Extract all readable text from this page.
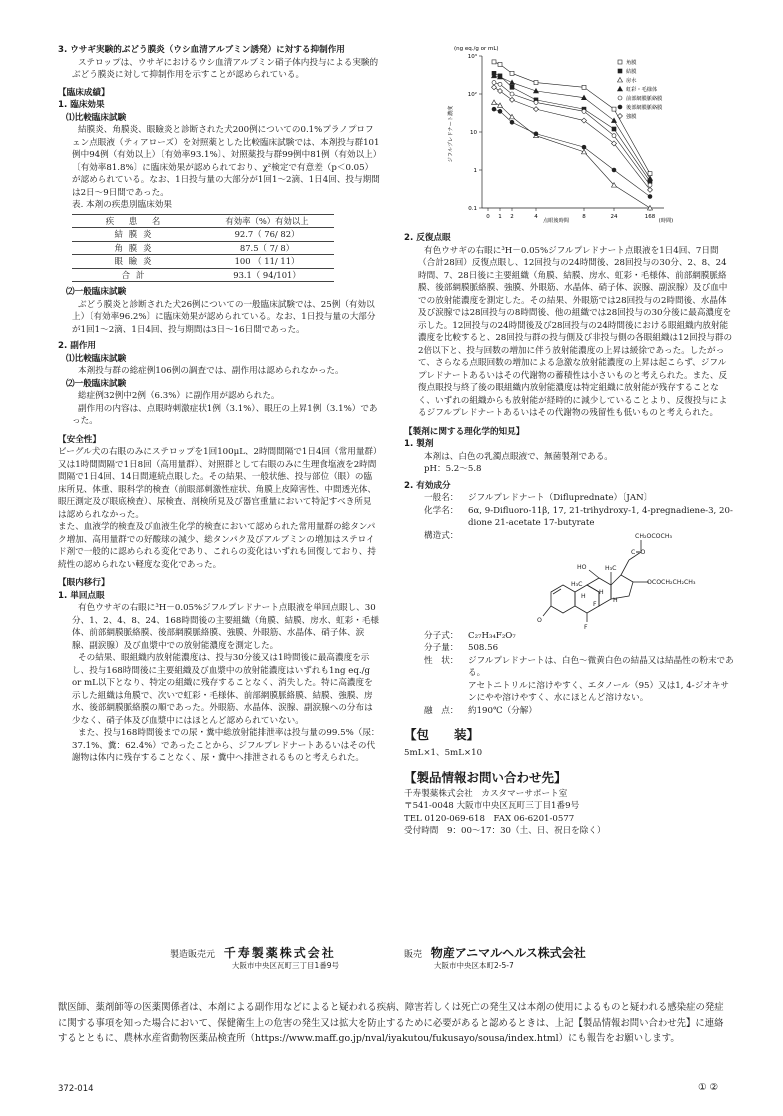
3. ウサギ実験的ぶどう膜炎（ウシ血清アルブミン誘発）に対する抑制作用

ステロップは、ウサギにおけるウシ血清アルブミン硝子体内投与による実験的ぶどう膜炎に対して抑制作用を示すことが認められている。

【臨床成績】

1. 臨床効果

⑴比較臨床試験

結膜炎、角膜炎、眼瞼炎と診断された犬200例についての0.1%プラノプロフェン点眼液（ティアローズ）を対照薬とした比較臨床試験では、本剤投与群101例中94例（有効以上）〔有効率93.1%〕、対照薬投与群99例中81例（有効以上）〔有効率81.8%〕に臨床効果が認められており、χ²検定で有意差（p＜0.05）が認められている。なお、1日投与量の大部分が1回1～2滴、1日4回、投与期間は2日～9日間であった。

表. 本剤の疾患別臨床効果

疾 患 名	有効率（%）有効以上
結膜炎	92.7（ 76/ 82）
角膜炎	87.5（ 7/ 8）
眼瞼炎	100 （ 11/ 11）
合計	93.1（ 94/101）

⑵一般臨床試験

ぶどう膜炎と診断された犬26例についての一般臨床試験では、25例（有効以上）〔有効率96.2%〕に臨床効果が認められている。なお、1日投与量の大部分が1回1～2滴、1日4回、投与期間は3日～16日間であった。

2. 副作用

⑴比較臨床試験

本剤投与群の総症例106例の調査では、副作用は認められなかった。

⑵一般臨床試験

総症例32例中2例（6.3%）に副作用が認められた。

副作用の内容は、点眼時刺激症状1例（3.1%）、眼圧の上昇1例（3.1%）であった。

【安全性】

ビーグル犬の右眼のみにステロップを1回100μL、2時間間隔で1日4回（常用量群）又は1時間間隔で1日8回（高用量群）、対照群として右眼のみに生理食塩液を2時間間隔で1日4回、14日間連続点眼した。その結果、一般状態、投与部位（眼）の臨床所見、体重、眼科学的検査（前眼部刺激性症状、角膜上皮障害性、中間透光体、眼圧測定及び眼底検査）、尿検査、剖検所見及び器官重量において特記すべき所見は認められなかった。

また、血液学的検査及び血液生化学的検査において認められた常用量群の総タンパク増加、高用量群での好酸球の減少、総タンパク及びアルブミンの増加はステロイド剤で一般的に認められる変化であり、これらの変化はいずれも回復しており、持続性の認められない軽度な変化であった。

【眼内移行】

1. 単回点眼

有色ウサギの右眼に³H－0.05%ジフルプレドナート点眼液を単回点眼し、30分、1、2、4、8、24、168時間後の主要組織（角膜、結膜、房水、虹彩・毛様体、前部網膜脈絡膜、後部網膜脈絡膜、強膜、外眼筋、水晶体、硝子体、涙腺、副涙腺）及び血漿中での放射能濃度を測定した。

その結果、眼組織内放射能濃度は、投与30分後又は1時間後に最高濃度を示し、投与168時間後に主要組織及び血漿中の放射能濃度はいずれも1ng eq./g or mL以下となり、特定の組織に残存することなく、消失した。特に高濃度を示した組織は角膜で、次いで虹彩・毛様体、前部網膜脈絡膜、結膜、強膜、房水、後部網膜脈絡膜の順であった。外眼筋、水晶体、涙腺、副涙腺への分布は少なく、硝子体及び血漿中にはほとんど認められていない。

また、投与168時間後までの尿・糞中総放射能排泄率は投与量の99.5%（尿：37.1%、糞：62.4%）であったことから、ジフルプレドナートあるいはその代謝物は体内に残存することなく、尿・糞中へ排泄されるものと考えられた。

(ng eq./g or mL)
ジフルプレドナート濃度
0.1
1
10
10²
10³
0 1 2	4	8	24	168
点眼後時間	(時間)
角膜
結膜
房水
虹彩・毛様体
前部網膜脈絡膜
後部網膜脈絡膜
強膜

2. 反復点眼

有色ウサギの右眼に³H－0.05%ジフルプレドナート点眼液を1日4回、7日間（合計28回）反復点眼し、12回投与の24時間後、28回投与の30分、2、8、24時間、7、28日後に主要組織（角膜、結膜、房水、虹彩・毛様体、前部網膜脈絡膜、後部網膜脈絡膜、強膜、外眼筋、水晶体、硝子体、涙腺、副涙腺）及び血中での放射能濃度を測定した。その結果、外眼筋では28回投与の2時間後、水晶体及び涙腺では28回投与の8時間後、他の組織では28回投与の30分後に最高濃度を示した。12回投与の24時間後及び28回投与の24時間後における眼組織内放射能濃度を比較すると、28回投与群の投与側及び非投与側の各眼組織は12回投与群の2倍以下と、投与回数の増加に伴う放射能濃度の上昇は緩徐であった。したがって、さらなる点眼回数の増加による急激な放射能濃度の上昇は起こらず、ジフルプレドナートあるいはその代謝物の蓄積性は小さいものと考えられた。また、反復点眼投与終了後の眼組織内放射能濃度は特定組織に放射能が残存することなく、いずれの組織からも放射能が経時的に減少していることより、反復投与によるジフルプレドナートあるいはその代謝物の残留性も低いものと考えられた。

【製剤に関する理化学的知見】

1. 製剤

本剤は、白色の乳濁点眼液で、無菌製剤である。

pH：5.2～5.8

2. 有効成分

一般名：	ジフルプレドナート（Difluprednate）〔JAN〕
化学名：	6α, 9-Difluoro-11β, 17, 21-trihydroxy-1, 4-pregnadiene-3, 20-dione 21-acetate 17-butyrate
構造式：	CH₂OCOCH₃
C=O
OCOCH₂CH₂CH₃
HO	H₃C
H₃C
H
F
H
H
O
F
分子式：	C₂₇H₃₄F₂O₇
分子量：	508.56
性　状：	ジフルプレドナートは、白色～微黄白色の結晶又は結晶性の粉末である。

アセトニトリルに溶けやすく、エタノール（95）又は1, 4-ジオキサンにやや溶けやすく、水にほとんど溶けない。

融　点：	約190℃（分解）

【包　　装】

5mL×1、5mL×10

【製品情報お問い合わせ先】

千寿製薬株式会社　カスタマーサポート室

〒541-0048 大阪市中央区瓦町三丁目1番9号

TEL 0120-069-618　FAX 06-6201-0577

受付時間　9：00～17：30（土、日、祝日を除く）

製造販売元 千寿製薬株式会社
大阪市中央区瓦町三丁目1番9号
販売 物産アニマルヘルス株式会社
大阪市中央区本町2-5-7

獣医師、薬剤師等の医薬関係者は、本剤による副作用などによると疑われる疾病、障害若しくは死亡の発生又は本剤の使用によるものと疑われる感染症の発症に関する事項を知った場合において、保健衛生上の危害の発生又は拡大を防止するために必要があると認めるときは、上記【製品情報お問い合わせ先】に連絡するとともに、農林水産省動物医薬品検査所（https://www.maff.go.jp/nval/iyakutou/fukusayo/sousa/index.html）にも報告をお願いします。

372-014	① ②
